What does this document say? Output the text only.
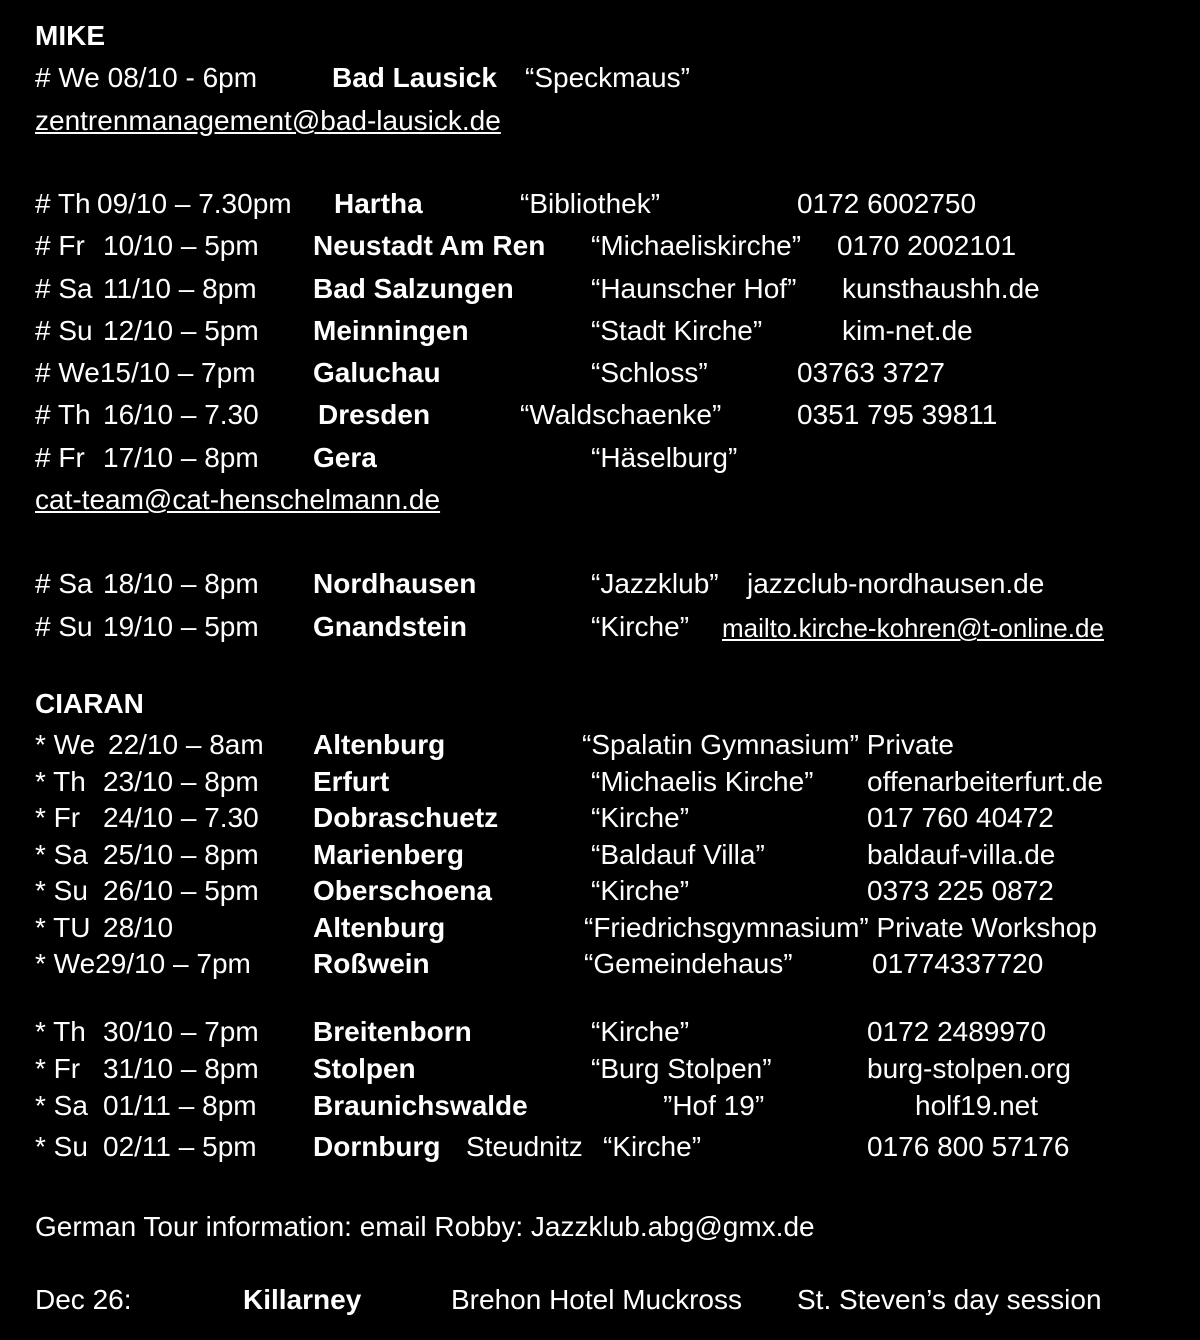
MIKE
# We 08/10 - 6pm	Bad Lausick “Speckmaus”
zentrenmanagement@bad-lausick.de
# Th 09/10 – 7.30pm Hartha	“Bibliothek”	0172 6002750
# Fr 10/10 – 5pm Neustadt Am Ren “Michaeliskirche” 0170 2002101
# Sa 11/10 – 8pm Bad Salzungen	“Haunscher Hof” kunsthaushh.de
# Su 12/10 – 5pm Meinningen	“Stadt Kirche”	kim-net.de
# We15/10 – 7pm Galuchau	“Schloss”	03763 3727
# Th 16/10 – 7.30 Dresden	“Waldschaenke”	0351 795 39811
# Fr 17/10 – 8pm Gera	“Häselburg”
cat-team@cat-henschelmann.de
# Sa 18/10 – 8pm Nordhausen	“Jazzklub” jazzclub-nordhausen.de
# Su 19/10 – 5pm Gnandstein	“Kirche” mailto.kirche-kohren@t-online.de
CIARAN
* We 22/10 – 8am Altenburg	“Spalatin Gymnasium” Private
* Th 23/10 – 8pm Erfurt	“Michaelis Kirche” offenarbeiterfurt.de
* Fr 24/10 – 7.30 Dobraschuetz	“Kirche”	017 760 40472
* Sa 25/10 – 8pm Marienberg	“Baldauf Villa”	baldauf-villa.de
* Su 26/10 – 5pm Oberschoena	“Kirche”	0373 225 0872
* TU 28/10	Altenburg	“Friedrichsgymnasium” Private Workshop
* We29/10 – 7pm Roßwein	“Gemeindehaus”	01774337720
* Th 30/10 – 7pm Breitenborn	“Kirche”	0172 2489970
* Fr 31/10 – 8pm Stolpen	“Burg Stolpen”	burg-stolpen.org
* Sa 01/11 – 8pm Braunichswalde	”Hof 19”	holf19.net
* Su 02/11 – 5pm Dornburg Steudnitz “Kirche”	0176 800 57176
German Tour information: email Robby: Jazzklub.abg@gmx.de
Dec 26:	Killarney	Brehon Hotel Muckross St. Steven’s day session
